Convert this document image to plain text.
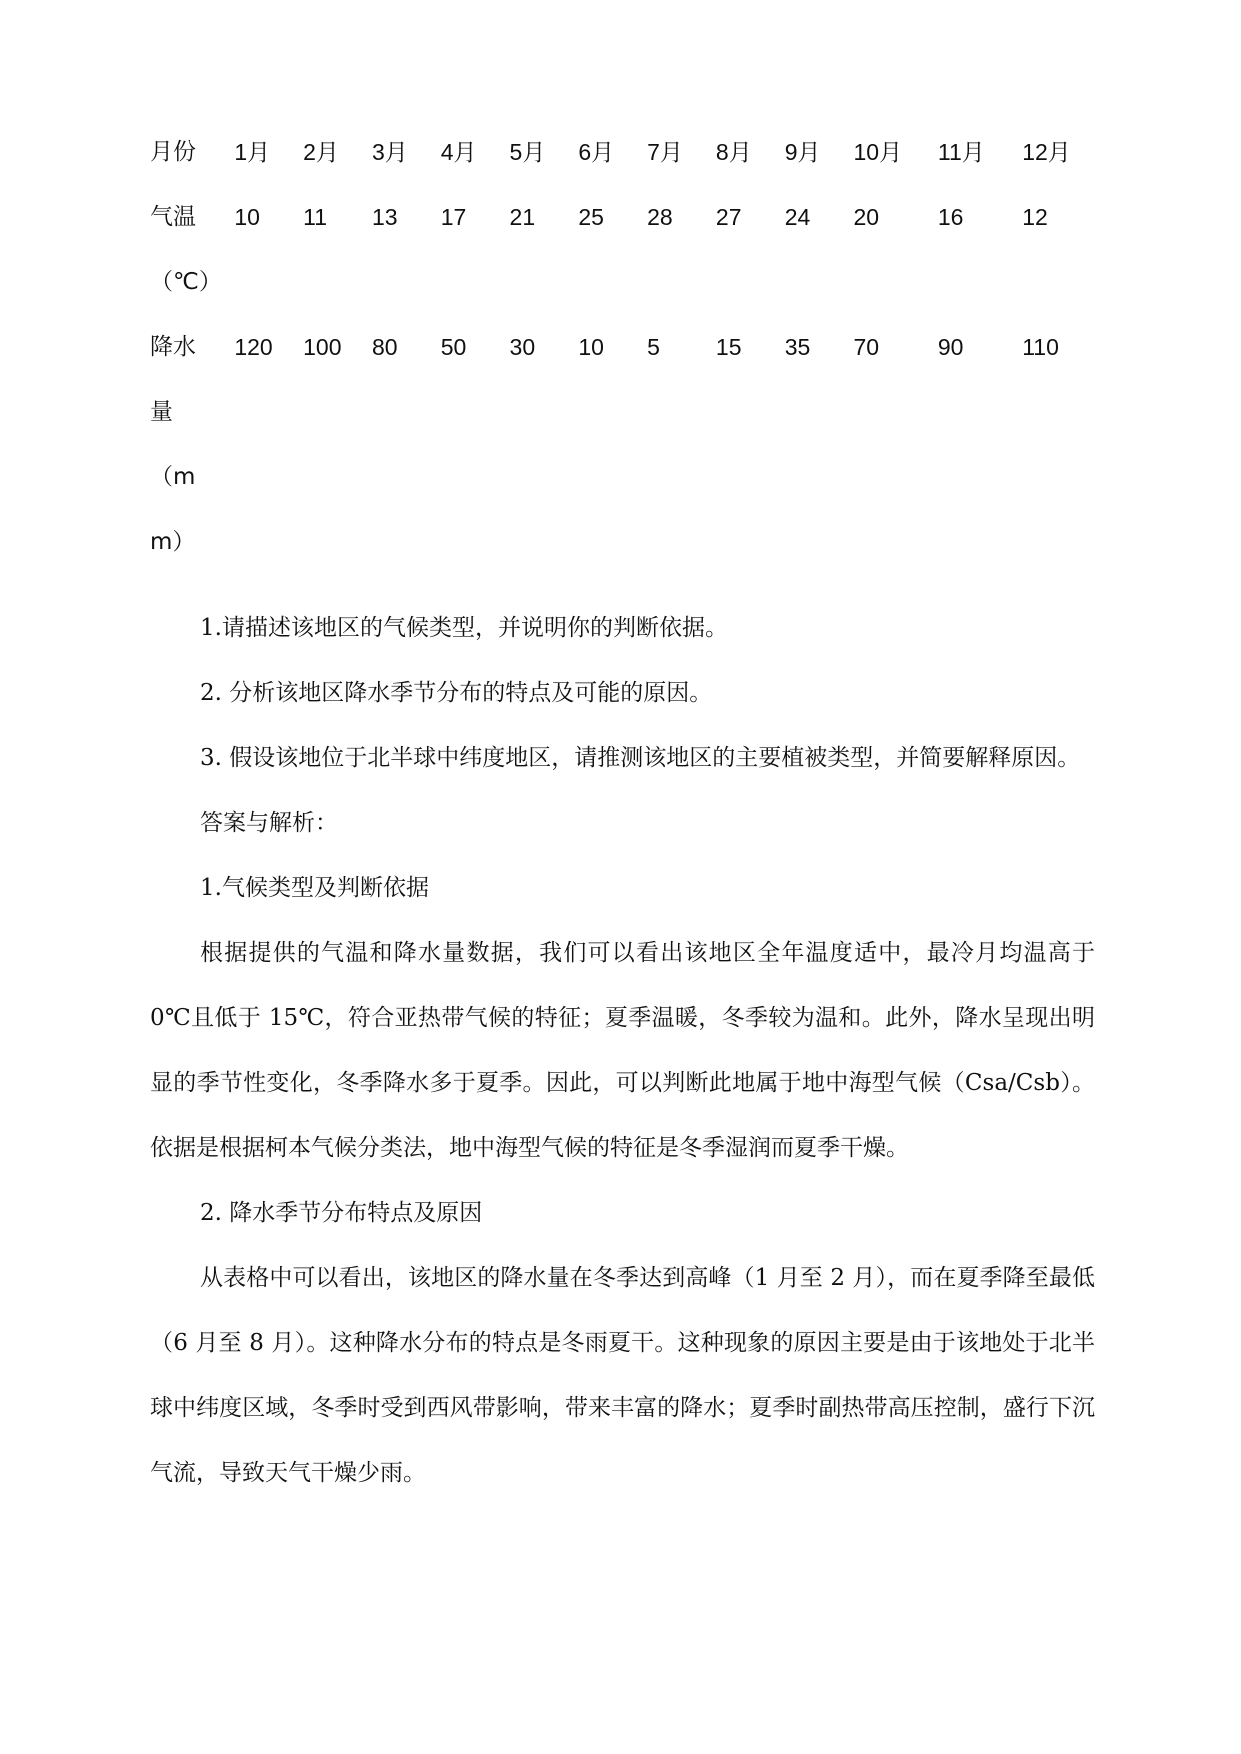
月份	1月	2月	3月	4月	5月	6月	7月	8月	9月	10月	11月	12月

气温（℃）	10	11	13	17	21	25	28	27	24	20	16	12

降水量（mm）	120	100	80	50	30	10	5	15	35	70	90	110

1.请描述该地区的气候类型，并说明你的判断依据。

2. 分析该地区降水季节分布的特点及可能的原因。

3. 假设该地位于北半球中纬度地区，请推测该地区的主要植被类型，并简要解释原因。

答案与解析：

1.气候类型及判断依据

根据提供的气温和降水量数据，我们可以看出该地区全年温度适中，最冷月均温高于 0℃且低于 15℃，符合亚热带气候的特征；夏季温暖，冬季较为温和。此外，降水呈现出明显的季节性变化，冬季降水多于夏季。因此，可以判断此地属于地中海型气候（Csa/Csb）。依据是根据柯本气候分类法，地中海型气候的特征是冬季湿润而夏季干燥。

2. 降水季节分布特点及原因

从表格中可以看出，该地区的降水量在冬季达到高峰（1 月至 2 月），而在夏季降至最低（6 月至 8 月）。这种降水分布的特点是冬雨夏干。这种现象的原因主要是由于该地处于北半球中纬度区域，冬季时受到西风带影响，带来丰富的降水；夏季时副热带高压控制，盛行下沉气流，导致天气干燥少雨。
